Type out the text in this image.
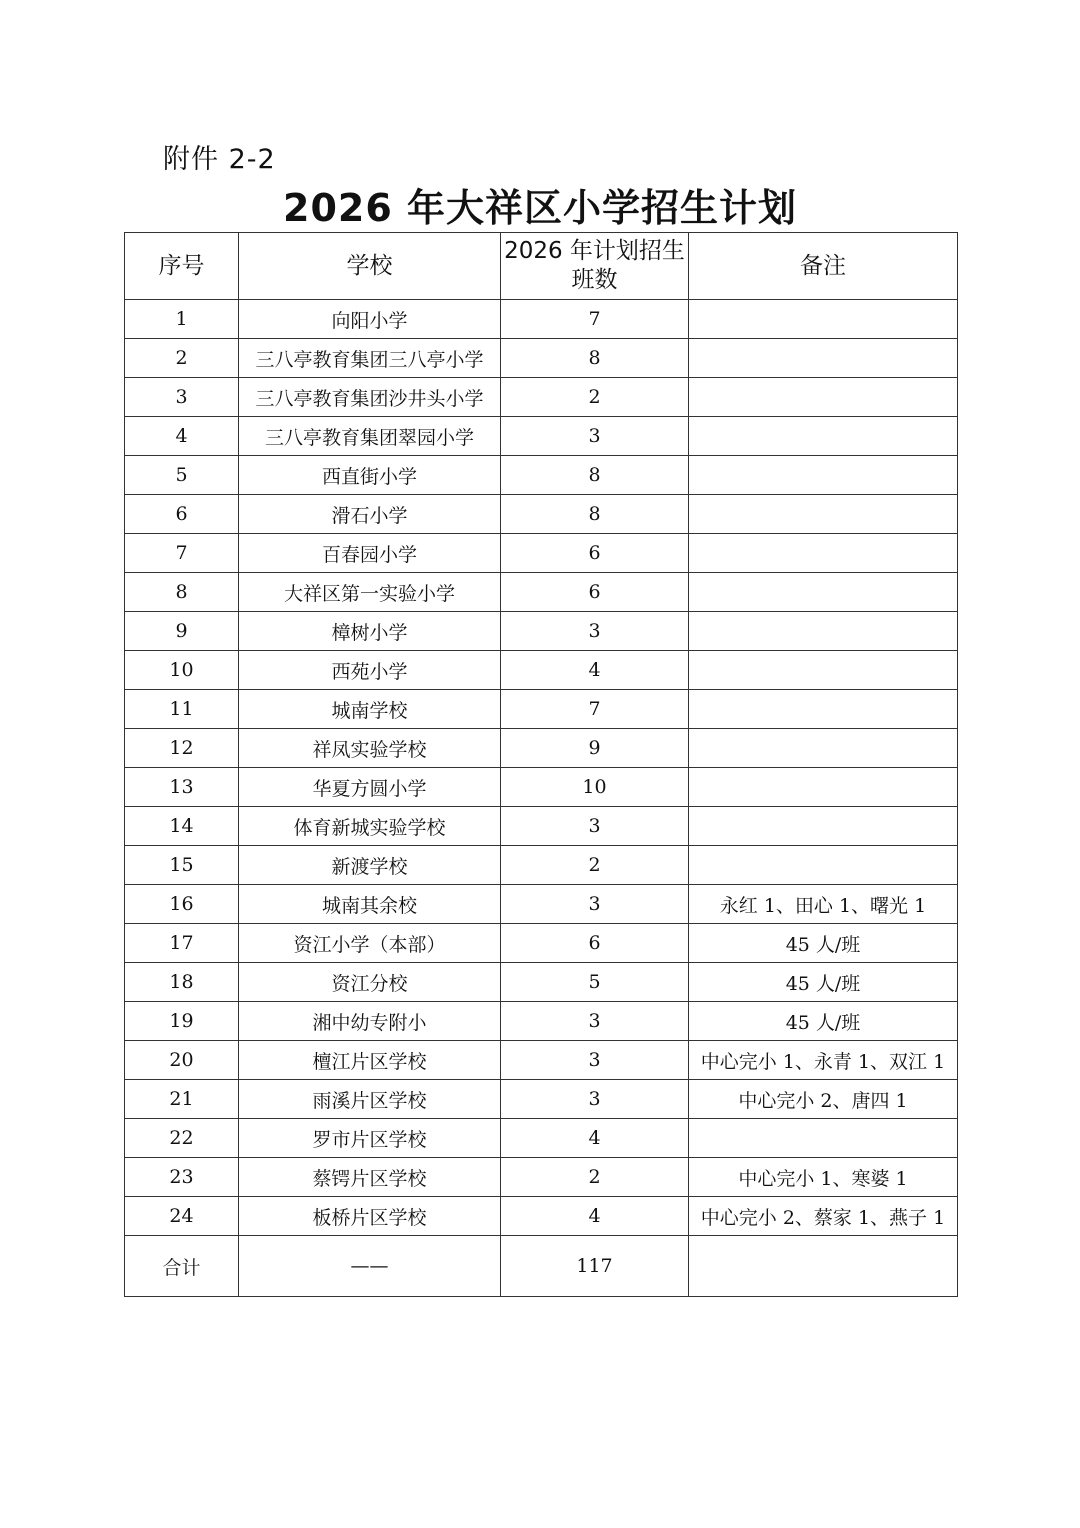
附件 2-2
2026 年大祥区小学招生计划
序号	学校	2026 年计划招生班数	备注
1	向阳小学	7	
2	三八亭教育集团三八亭小学	8	
3	三八亭教育集团沙井头小学	2	
4	三八亭教育集团翠园小学	3	
5	西直街小学	8	
6	滑石小学	8	
7	百春园小学	6	
8	大祥区第一实验小学	6	
9	樟树小学	3	
10	西苑小学	4	
11	城南学校	7	
12	祥凤实验学校	9	
13	华夏方圆小学	10	
14	体育新城实验学校	3	
15	新渡学校	2	
16	城南其余校	3	永红 1、田心 1、曙光 1
17	资江小学（本部）	6	45 人/班
18	资江分校	5	45 人/班
19	湘中幼专附小	3	45 人/班
20	檀江片区学校	3	中心完小 1、永青 1、双江 1
21	雨溪片区学校	3	中心完小 2、唐四 1
22	罗市片区学校	4	
23	蔡锷片区学校	2	中心完小 1、寒婆 1
24	板桥片区学校	4	中心完小 2、蔡家 1、燕子 1
合计	——	117	
